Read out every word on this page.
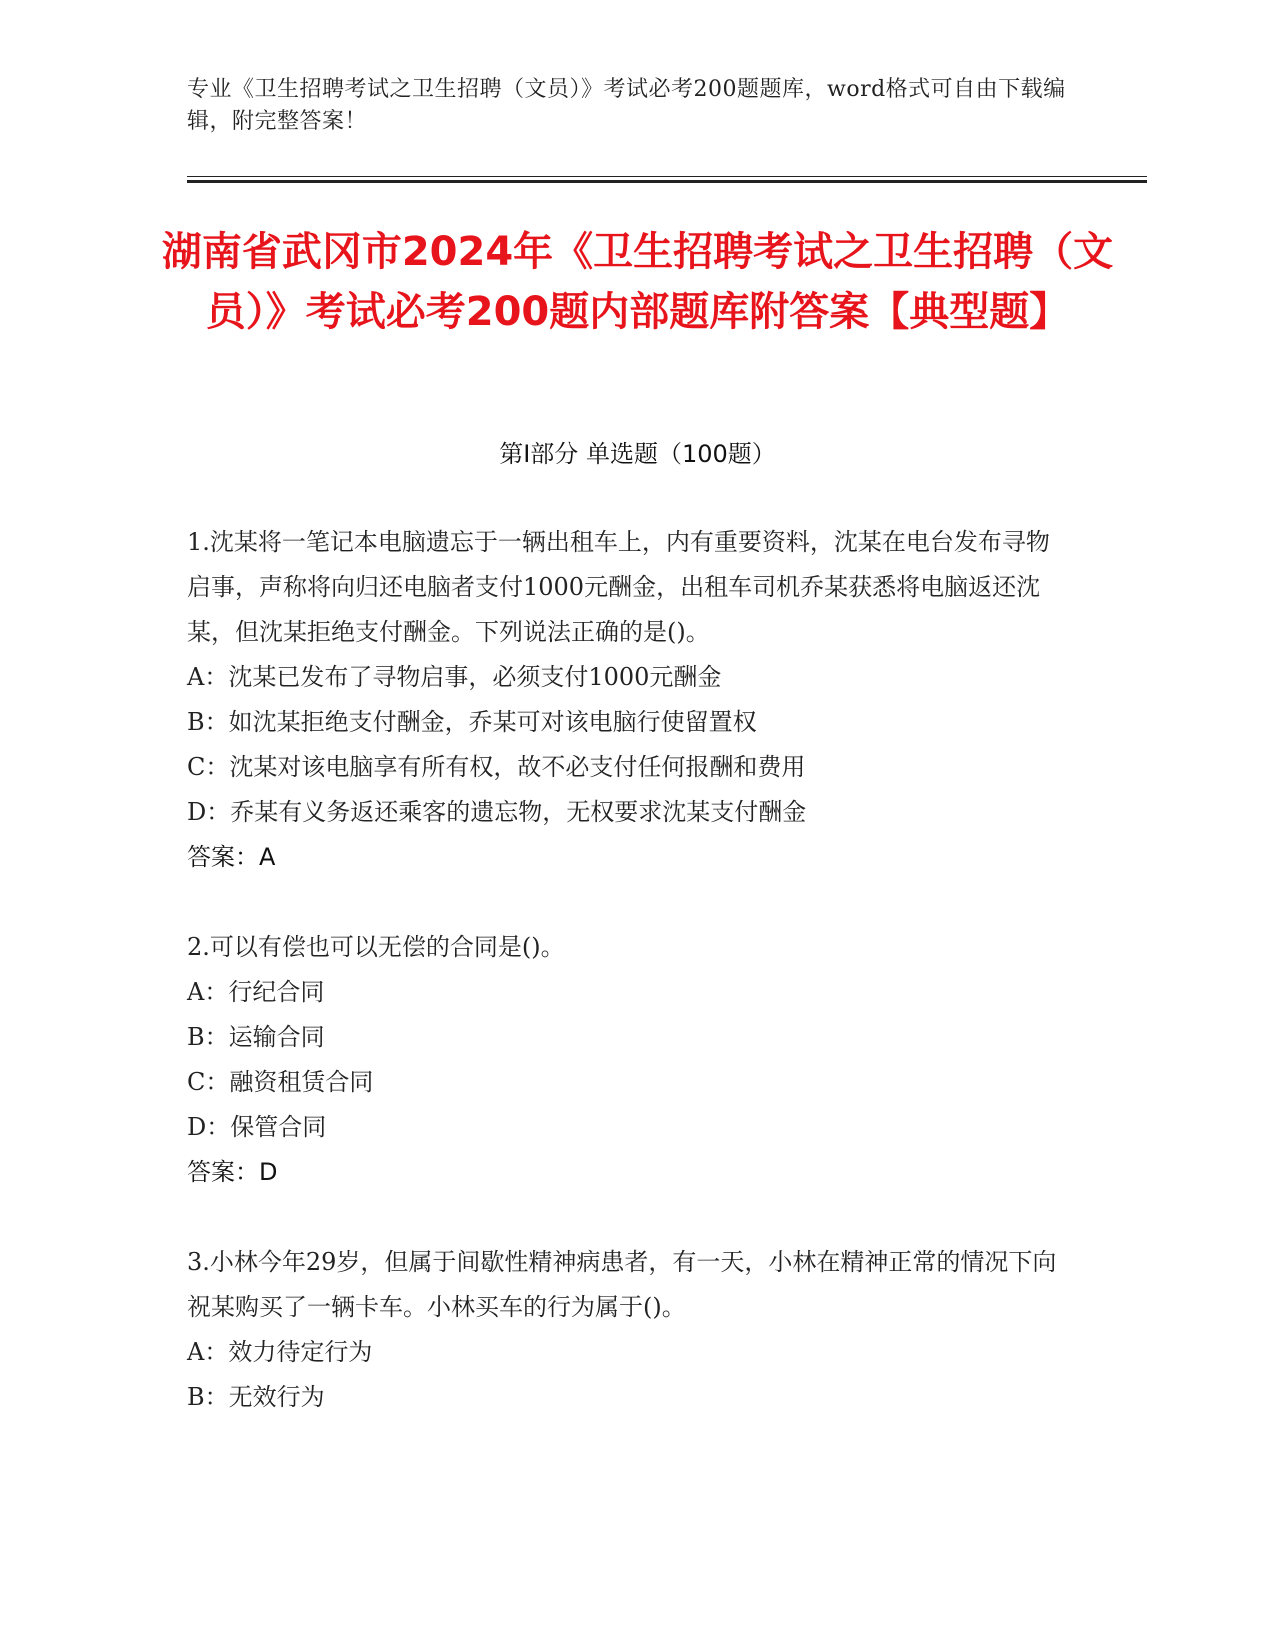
专业《卫生招聘考试之卫生招聘（文员）》考试必考200题题库，word格式可自由下载编辑，附完整答案！
湖南省武冈市2024年《卫生招聘考试之卫生招聘（文员）》考试必考200题内部题库附答案【典型题】
第I部分 单选题（100题）

1.沈某将一笔记本电脑遗忘于一辆出租车上，内有重要资料，沈某在电台发布寻物启事，声称将向归还电脑者支付1000元酬金，出租车司机乔某获悉将电脑返还沈某，但沈某拒绝支付酬金。下列说法正确的是()。

A：沈某已发布了寻物启事，必须支付1000元酬金

B：如沈某拒绝支付酬金，乔某可对该电脑行使留置权

C：沈某对该电脑享有所有权，故不必支付任何报酬和费用

D：乔某有义务返还乘客的遗忘物，无权要求沈某支付酬金

答案：A

2.可以有偿也可以无偿的合同是()。

A：行纪合同

B：运输合同

C：融资租赁合同

D：保管合同

答案：D

3.小林今年29岁，但属于间歇性精神病患者，有一天，小林在精神正常的情况下向祝某购买了一辆卡车。小林买车的行为属于()。

A：效力待定行为

B：无效行为
